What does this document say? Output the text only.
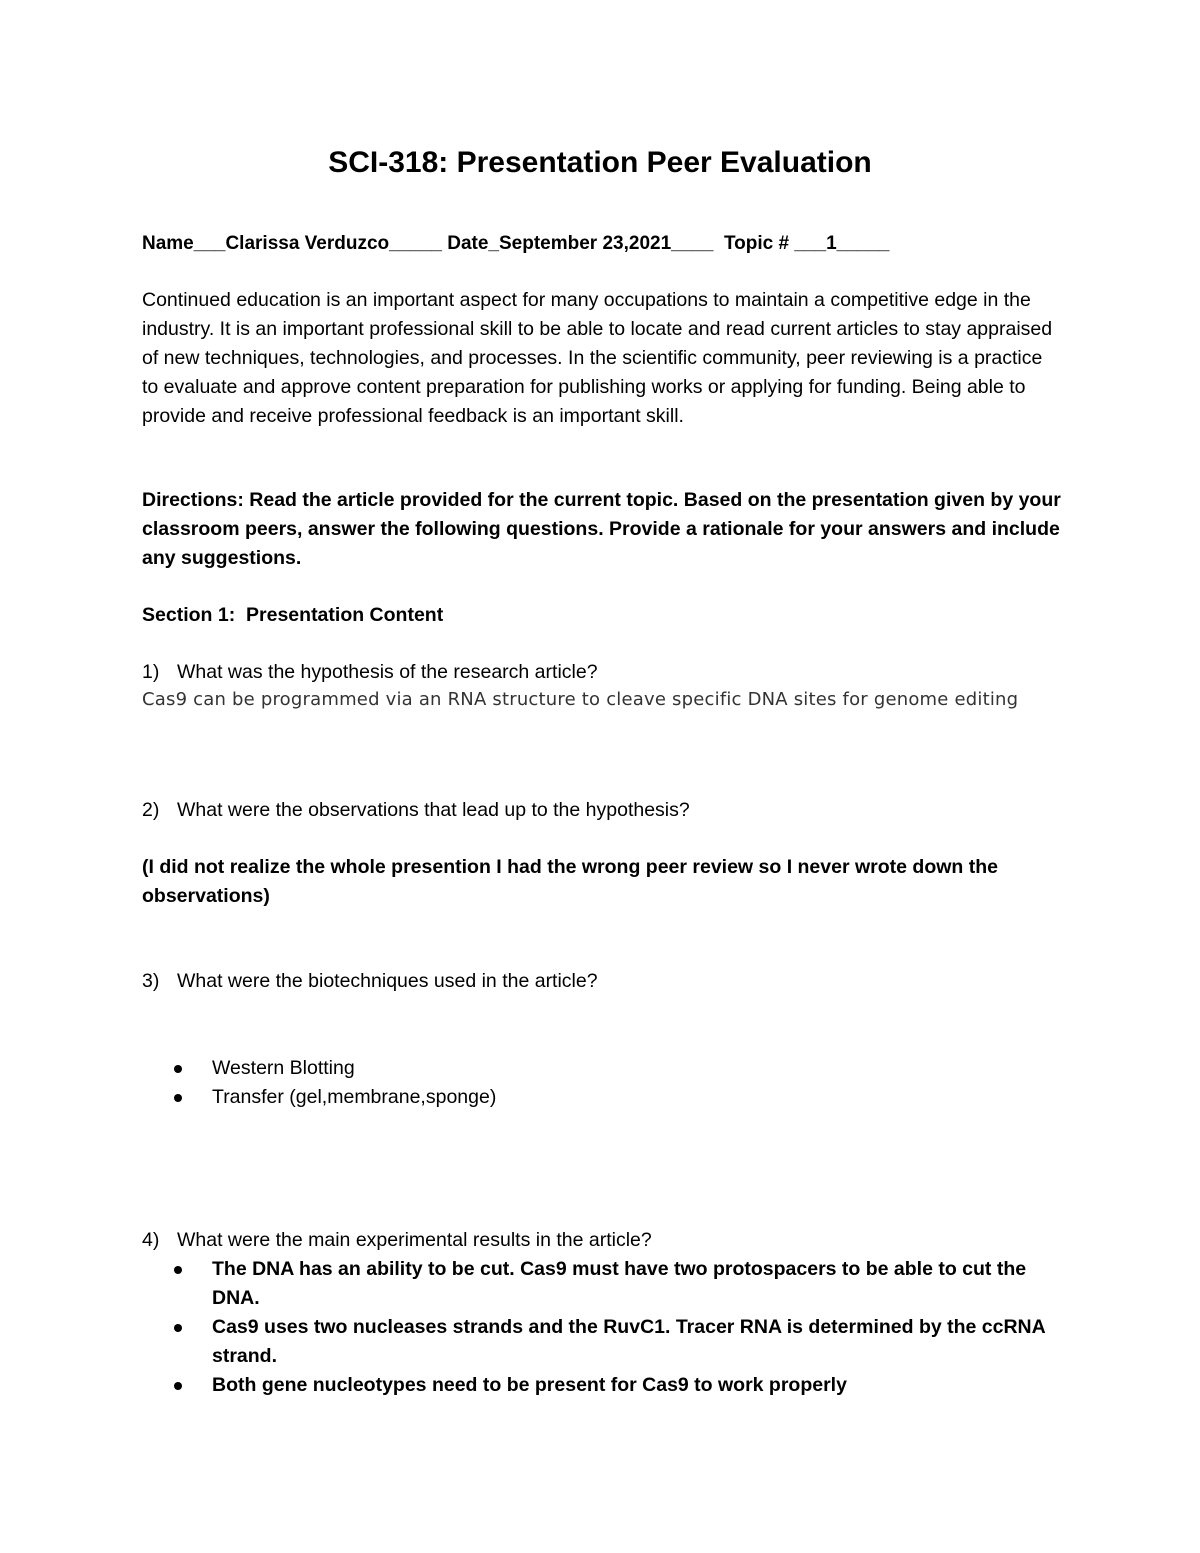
SCI-318: Presentation Peer Evaluation
Name___Clarissa Verduzco_____ Date_September 23,2021____  Topic # ___1_____

Continued education is an important aspect for many occupations to maintain a competitive edge in the industry. It is an important professional skill to be able to locate and read current articles to stay appraised of new techniques, technologies, and processes. In the scientific community, peer reviewing is a practice to evaluate and approve content preparation for publishing works or applying for funding. Being able to provide and receive professional feedback is an important skill.

Directions: Read the article provided for the current topic. Based on the presentation given by your classroom peers, answer the following questions. Provide a rationale for your answers and include any suggestions.

Section 1:  Presentation Content
1) What was the hypothesis of the research article?
Cas9 can be programmed via an RNA structure to cleave specific DNA sites for genome editing
2) What were the observations that lead up to the hypothesis?
(I did not realize the whole presention I had the wrong peer review so I never wrote down the observations)
3) What were the biotechniques used in the article?
Western Blotting
Transfer (gel,membrane,sponge)
4) What were the main experimental results in the article?
The DNA has an ability to be cut. Cas9 must have two protospacers to be able to cut the DNA.
Cas9 uses two nucleases strands and the RuvC1. Tracer RNA is determined by the ccRNA strand.
Both gene nucleotypes need to be present for Cas9 to work properly
